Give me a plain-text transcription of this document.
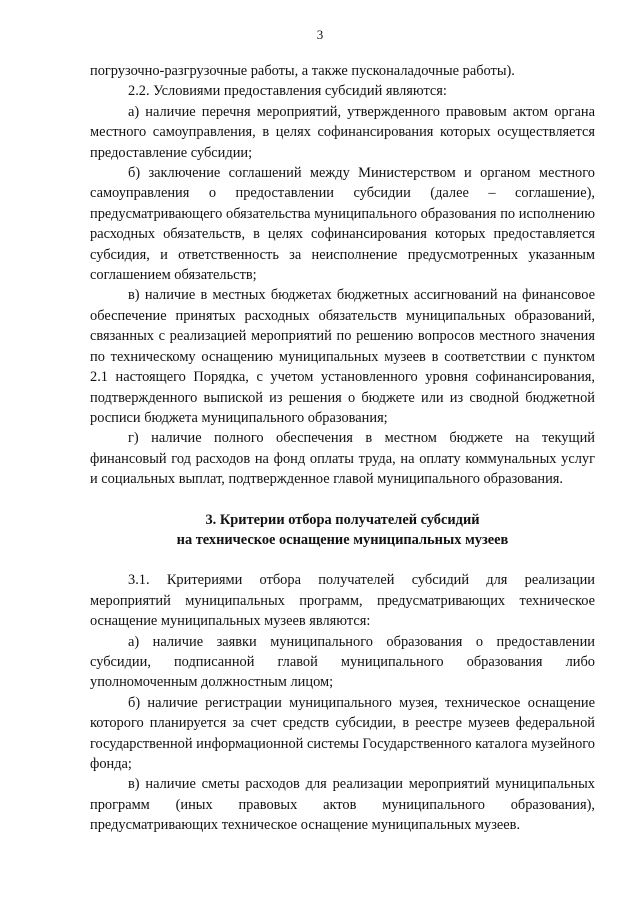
3

погрузочно-разгрузочные работы, а также пусконаладочные работы).

2.2. Условиями предоставления субсидий являются:

а) наличие перечня мероприятий, утвержденного правовым актом органа местного самоуправления, в целях софинансирования которых осуществляется предоставление субсидии;

б) заключение соглашений между Министерством и органом местного самоуправления о предоставлении субсидии (далее – соглашение), предусматривающего обязательства муниципального образования по исполнению расходных обязательств, в целях софинансирования которых предоставляется субсидия, и ответственность за неисполнение предусмотренных указанным соглашением обязательств;

в) наличие в местных бюджетах бюджетных ассигнований на финансовое обеспечение принятых расходных обязательств муниципальных образований, связанных с реализацией мероприятий по решению вопросов местного значения по техническому оснащению муниципальных музеев в соответствии с пунктом 2.1 настоящего Порядка, с учетом установленного уровня софинансирования, подтвержденного выпиской из решения о бюджете или из сводной бюджетной росписи бюджета муниципального образования;

г) наличие полного обеспечения в местном бюджете на текущий финансовый год расходов на фонд оплаты труда, на оплату коммунальных услуг и социальных выплат, подтвержденное главой муниципального образования.

3. Критерии отбора получателей субсидий
на техническое оснащение муниципальных музеев

3.1. Критериями отбора получателей субсидий для реализации мероприятий муниципальных программ, предусматривающих техническое оснащение муниципальных музеев являются:

а) наличие заявки муниципального образования о предоставлении субсидии, подписанной главой муниципального образования либо уполномоченным должностным лицом;

б) наличие регистрации муниципального музея, техническое оснащение которого планируется за счет средств субсидии, в реестре музеев федеральной государственной информационной системы Государственного каталога музейного фонда;

в) наличие сметы расходов для реализации мероприятий муниципальных программ (иных правовых актов муниципального образования), предусматривающих техническое оснащение муниципальных музеев.
